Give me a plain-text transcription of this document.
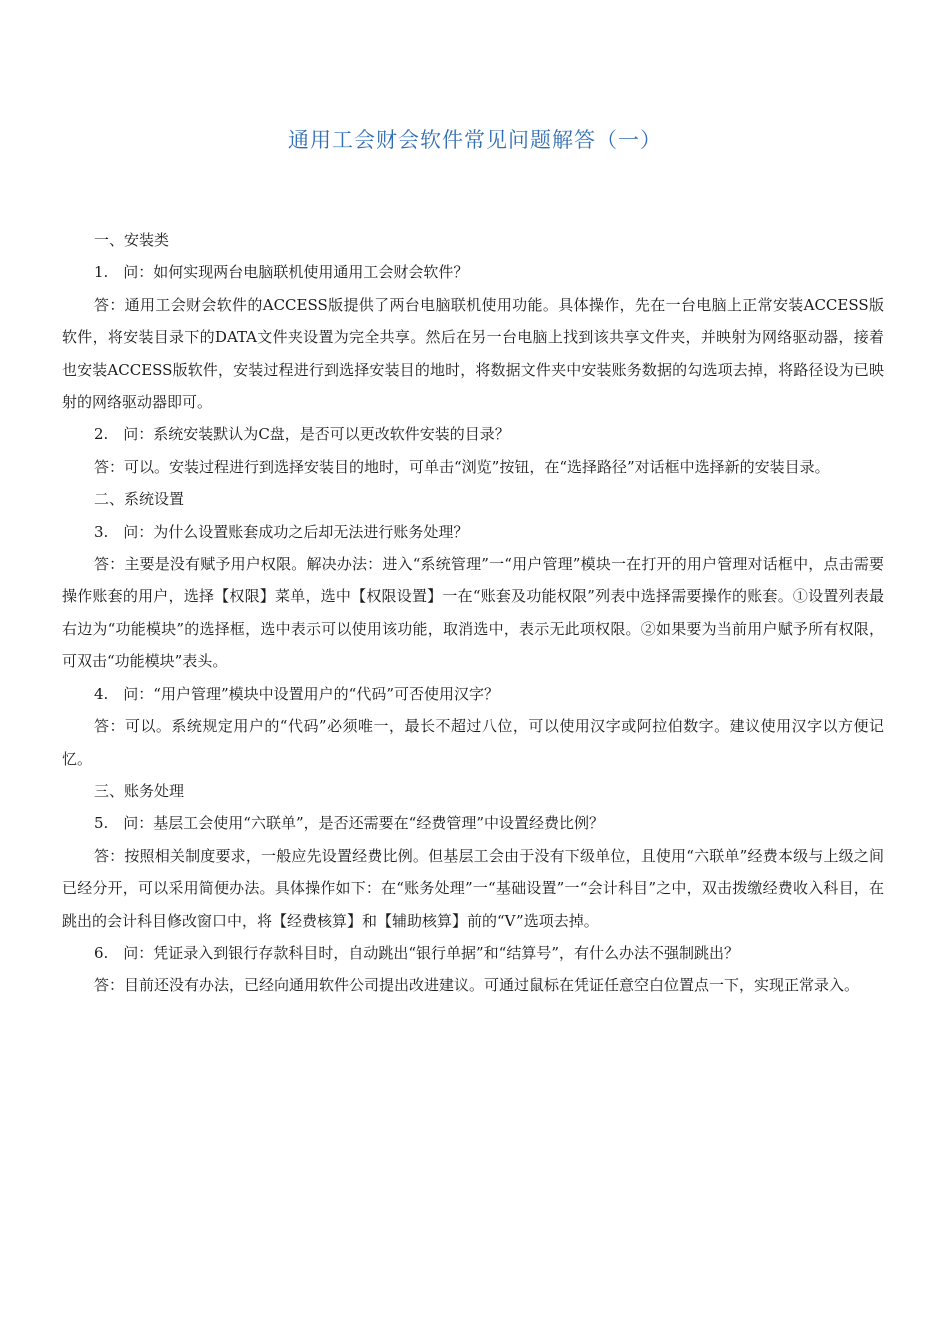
通用工会财会软件常见问题解答（一）

一、安装类

1.　问：如何实现两台电脑联机使用通用工会财会软件？

答：通用工会财会软件的ACCESS版提供了两台电脑联机使用功能。具体操作，先在一台电脑上正常安装ACCESS版软件，将安装目录下的DATA文件夹设置为完全共享。然后在另一台电脑上找到该共享文件夹，并映射为网络驱动器，接着也安装ACCESS版软件，安装过程进行到选择安装目的地时，将数据文件夹中安装账务数据的勾选项去掉，将路径设为已映射的网络驱动器即可。

2.　问：系统安装默认为C盘，是否可以更改软件安装的目录？

答：可以。安装过程进行到选择安装目的地时，可单击“浏览”按钮，在“选择路径”对话框中选择新的安装目录。

二、系统设置

3.　问：为什么设置账套成功之后却无法进行账务处理？

答：主要是没有赋予用户权限。解决办法：进入“系统管理”一“用户管理”模块一在打开的用户管理对话框中，点击需要操作账套的用户，选择【权限】菜单，选中【权限设置】一在“账套及功能权限”列表中选择需要操作的账套。①设置列表最右边为“功能模块”的选择框，选中表示可以使用该功能，取消选中，表示无此项权限。②如果要为当前用户赋予所有权限，可双击“功能模块”表头。

4.　问：“用户管理”模块中设置用户的“代码”可否使用汉字？

答：可以。系统规定用户的“代码”必须唯一，最长不超过八位，可以使用汉字或阿拉伯数字。建议使用汉字以方便记忆。

三、账务处理

5.　问：基层工会使用“六联单”，是否还需要在“经费管理”中设置经费比例？

答：按照相关制度要求，一般应先设置经费比例。但基层工会由于没有下级单位，且使用“六联单”经费本级与上级之间已经分开，可以采用简便办法。具体操作如下：在“账务处理”一“基础设置”一“会计科目”之中，双击拨缴经费收入科目，在跳出的会计科目修改窗口中，将【经费核算】和【辅助核算】前的“V”选项去掉。

6.　问：凭证录入到银行存款科目时，自动跳出“银行单据”和“结算号”，有什么办法不强制跳出？

答：目前还没有办法，已经向通用软件公司提出改进建议。可通过鼠标在凭证任意空白位置点一下，实现正常录入。
